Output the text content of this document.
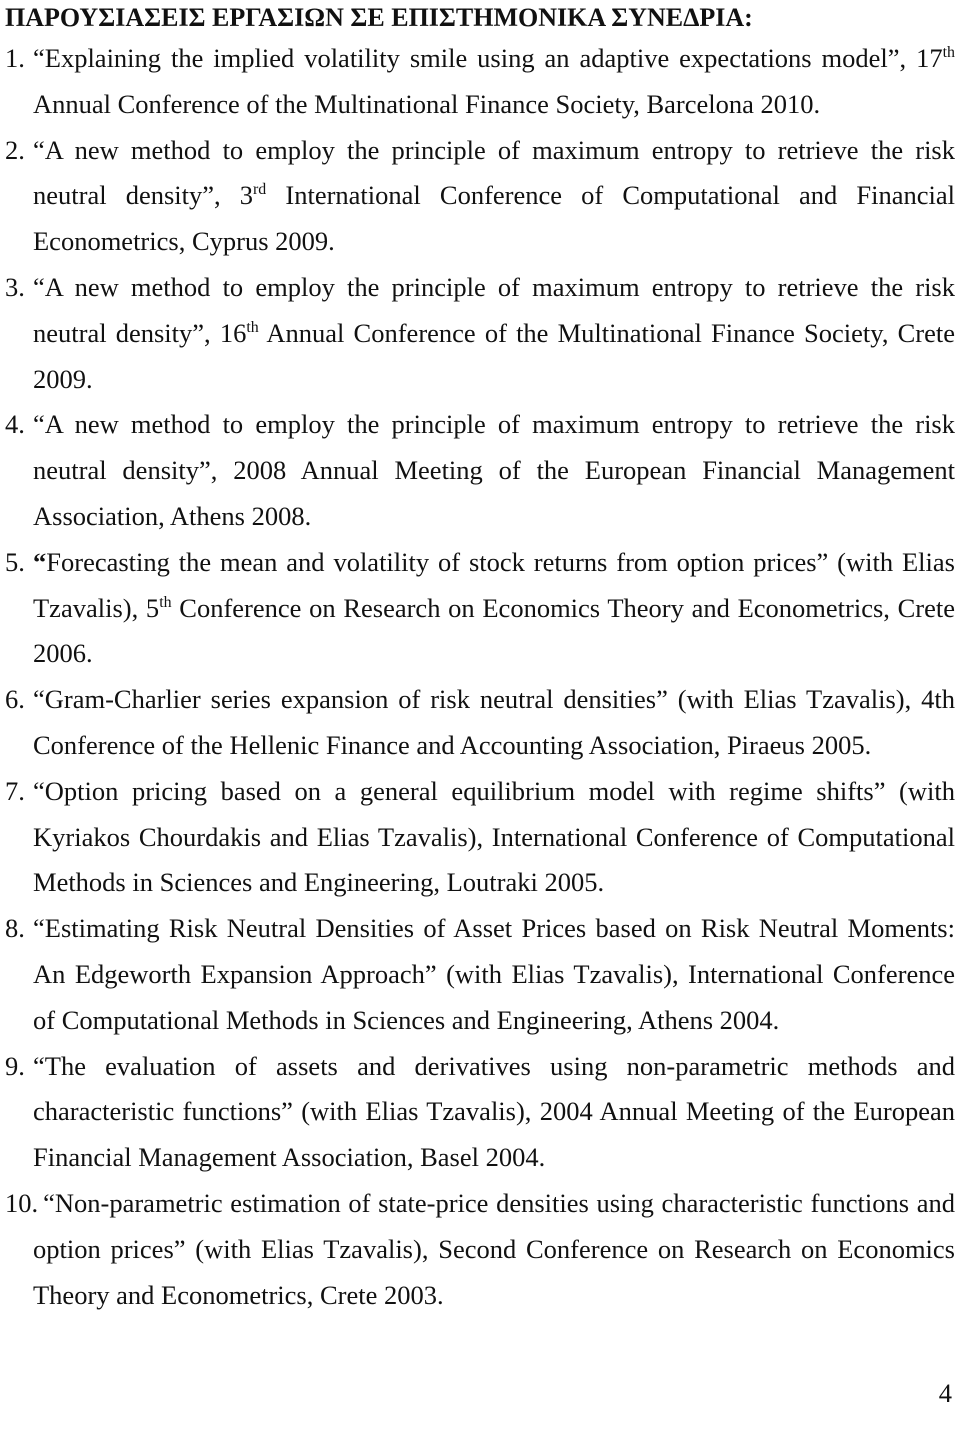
ΠΑΡΟΥΣΙΑΣΕΙΣ ΕΡΓΑΣΙΩΝ ΣΕ ΕΠΙΣΤΗΜΟΝΙΚΑ ΣΥΝΕΔΡΙΑ:

1. “Explaining the implied volatility smile using an adaptive expectations model”, 17th Annual Conference of the Multinational Finance Society, Barcelona 2010.

2. “A new method to employ the principle of maximum entropy to retrieve the risk neutral density”, 3rd International Conference of Computational and Financial Econometrics, Cyprus 2009.

3. “A new method to employ the principle of maximum entropy to retrieve the risk neutral density”, 16th Annual Conference of the Multinational Finance Society, Crete 2009.

4. “A new method to employ the principle of maximum entropy to retrieve the risk neutral density”, 2008 Annual Meeting of the European Financial Management Association, Athens 2008.

5. “Forecasting the mean and volatility of stock returns from option prices” (with Elias Tzavalis), 5th Conference on Research on Economics Theory and Econometrics, Crete 2006.

6. “Gram-Charlier series expansion of risk neutral densities” (with Elias Tzavalis), 4th Conference of the Hellenic Finance and Accounting Association, Piraeus 2005.

7. “Option pricing based on a general equilibrium model with regime shifts” (with Kyriakos Chourdakis and Elias Tzavalis), International Conference of Computational Methods in Sciences and Engineering, Loutraki 2005.

8. “Estimating Risk Neutral Densities of Asset Prices based on Risk Neutral Moments: An Edgeworth Expansion Approach” (with Elias Tzavalis), International Conference of Computational Methods in Sciences and Engineering, Athens 2004.

9. “The evaluation of assets and derivatives using non-parametric methods and characteristic functions” (with Elias Tzavalis), 2004 Annual Meeting of the European Financial Management Association, Basel 2004.

10. “Non-parametric estimation of state-price densities using characteristic functions and option prices” (with Elias Tzavalis), Second Conference on Research on Economics Theory and Econometrics, Crete 2003.

4
